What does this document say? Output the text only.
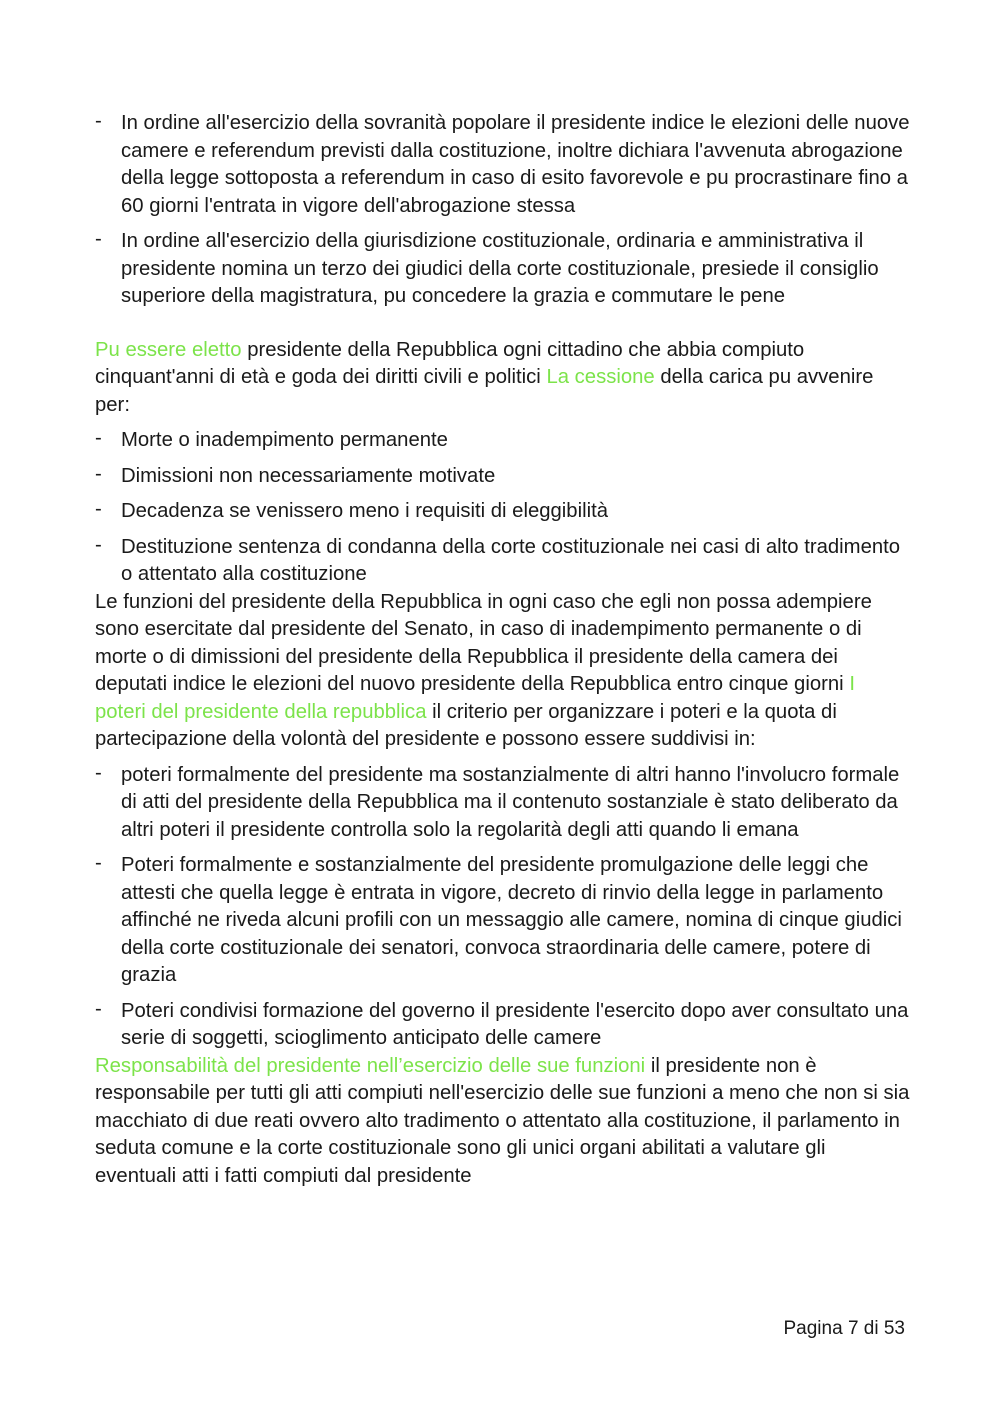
- In ordine all'esercizio della sovranità popolare il presidente indice le elezioni delle nuove camere e referendum previsti dalla costituzione, inoltre dichiara l'avvenuta abrogazione della legge sottoposta a referendum in caso di esito favorevole e pu procrastinare fino a 60 giorni l'entrata in vigore dell'abrogazione stessa
- In ordine all'esercizio della giurisdizione costituzionale, ordinaria e amministrativa il presidente nomina un terzo dei giudici della corte costituzionale, presiede il consiglio superiore della magistratura, pu concedere la grazia e commutare le pene

Pu essere eletto presidente della Repubblica ogni cittadino che abbia compiuto cinquant'anni di età e goda dei diritti civili e politici La cessione della carica pu avvenire per:

- Morte o inadempimento permanente
- Dimissioni non necessariamente motivate
- Decadenza se venissero meno i requisiti di eleggibilità
- Destituzione sentenza di condanna della corte costituzionale nei casi di alto tradimento o attentato alla costituzione

Le funzioni del presidente della Repubblica in ogni caso che egli non possa adempiere sono esercitate dal presidente del Senato, in caso di inadempimento permanente o di morte o di dimissioni del presidente della Repubblica il presidente della camera dei deputati indice le elezioni del nuovo presidente della Repubblica entro cinque giorni I poteri del presidente della repubblica il criterio per organizzare i poteri e la quota di partecipazione della volontà del presidente e possono essere suddivisi in:

- poteri formalmente del presidente ma sostanzialmente di altri hanno l'involucro formale di atti del presidente della Repubblica ma il contenuto sostanziale è stato deliberato da altri poteri il presidente controlla solo la regolarità degli atti quando li emana
- Poteri formalmente e sostanzialmente del presidente promulgazione delle leggi che attesti che quella legge è entrata in vigore, decreto di rinvio della legge in parlamento affinché ne riveda alcuni profili con un messaggio alle camere, nomina di cinque giudici della corte costituzionale dei senatori, convoca straordinaria delle camere, potere di grazia
- Poteri condivisi formazione del governo il presidente l'esercito dopo aver consultato una serie di soggetti, scioglimento anticipato delle camere

Responsabilità del presidente nell’esercizio delle sue funzioni il presidente non è responsabile per tutti gli atti compiuti nell'esercizio delle sue funzioni a meno che non si sia macchiato di due reati ovvero alto tradimento o attentato alla costituzione, il parlamento in seduta comune e la corte costituzionale sono gli unici organi abilitati a valutare gli eventuali atti i fatti compiuti dal presidente

Pagina 7 di 53
